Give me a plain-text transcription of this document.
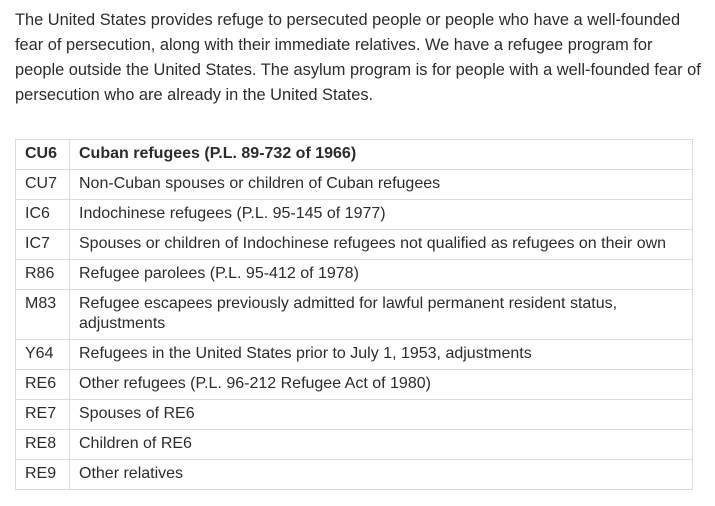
The United States provides refuge to persecuted people or people who have a well-founded fear of persecution, along with their immediate relatives. We have a refugee program for people outside the United States. The asylum program is for people with a well-founded fear of persecution who are already in the United States.

CU6	Cuban refugees (P.L. 89-732 of 1966)
CU7	Non-Cuban spouses or children of Cuban refugees
IC6	Indochinese refugees (P.L. 95-145 of 1977)
IC7	Spouses or children of Indochinese refugees not qualified as refugees on their own
R86	Refugee parolees (P.L. 95-412 of 1978)
M83	Refugee escapees previously admitted for lawful permanent resident status, adjustments
Y64	Refugees in the United States prior to July 1, 1953, adjustments
RE6	Other refugees (P.L. 96-212 Refugee Act of 1980)
RE7	Spouses of RE6
RE8	Children of RE6
RE9	Other relatives
